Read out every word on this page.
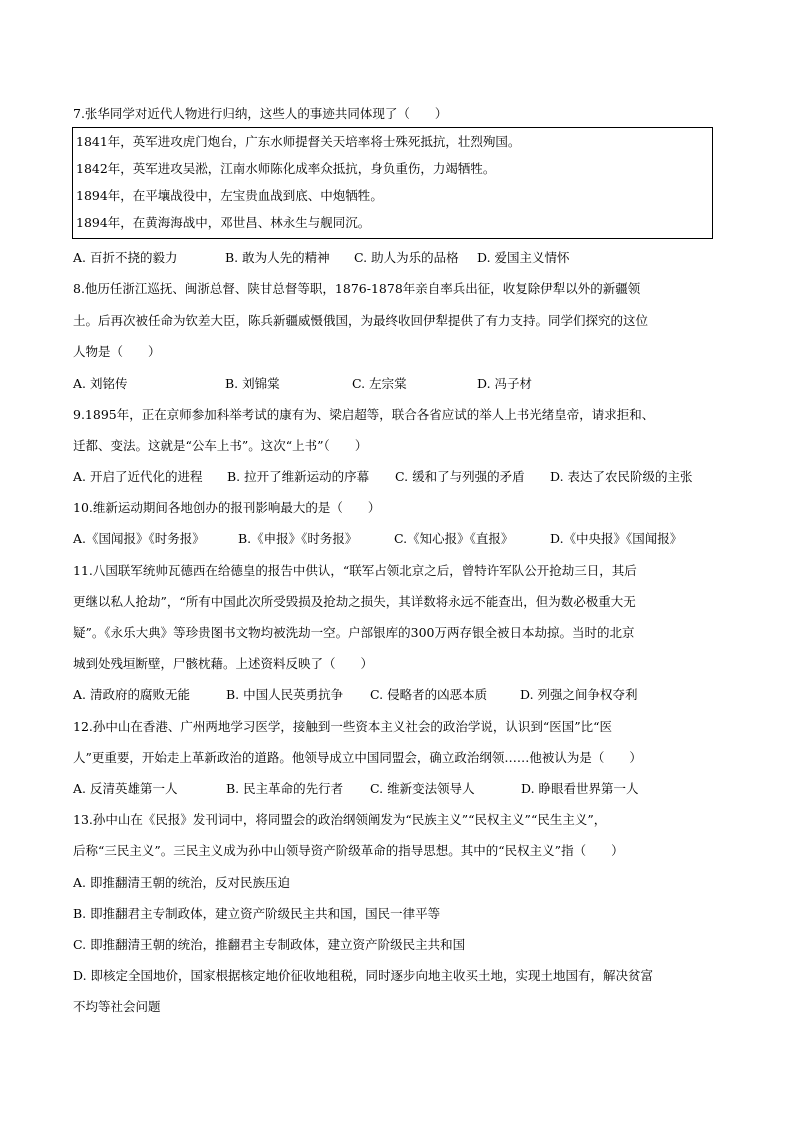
7.张华同学对近代人物进行归纳，这些人的事迹共同体现了（　　）
1841年，英军进攻虎门炮台，广东水师提督关天培率将士殊死抵抗，壮烈殉国。
1842年，英军进攻吴淞，江南水师陈化成率众抵抗，身负重伤，力竭牺牲。
1894年，在平壤战役中，左宝贵血战到底、中炮牺牲。
1894年，在黄海海战中，邓世昌、林永生与舰同沉。
A. 百折不挠的毅力	B. 敢为人先的精神 C. 助人为乐的品格 D. 爱国主义情怀
8.他历任浙江巡抚、闽浙总督、陕甘总督等职，1876-1878年亲自率兵出征，收复除伊犁以外的新疆领
土。后再次被任命为钦差大臣，陈兵新疆威慑俄国，为最终收回伊犁提供了有力支持。同学们探究的这位
人物是（　　）
A. 刘铭传	B. 刘锦棠	C. 左宗棠	D. 冯子材
9.1895年，正在京师参加科举考试的康有为、梁启超等，联合各省应试的举人上书光绪皇帝，请求拒和、
迁都、变法。这就是“公车上书”。这次“上书”（　　）
A. 开启了近代化的进程 B. 拉开了维新运动的序幕 C. 缓和了与列强的矛盾 D. 表达了农民阶级的主张
10.维新运动期间各地创办的报刊影响最大的是（　　）
A.《国闻报》《时务报》	B.《申报》《时务报》	C.《知心报》《直报》	D.《中央报》《国闻报》
11.八国联军统帅瓦德西在给德皇的报告中供认，“联军占领北京之后，曾特许军队公开抢劫三日，其后
更继以私人抢劫”，“所有中国此次所受毁损及抢劫之损失，其详数将永远不能查出，但为数必极重大无
疑”。《永乐大典》等珍贵图书文物均被洗劫一空。户部银库的300万两存银全被日本劫掠。当时的北京
城到处残垣断壁，尸骸枕藉。上述资料反映了（　　）
A. 清政府的腐败无能	B. 中国人民英勇抗争 C. 侵略者的凶恶本质	D. 列强之间争权夺利
12.孙中山在香港、广州两地学习医学，接触到一些资本主义社会的政治学说，认识到“医国”比“医
人”更重要，开始走上革新政治的道路。他领导成立中国同盟会，确立政治纲领……他被认为是（　　）
A. 反清英雄第一人	B. 民主革命的先行者 C. 维新变法领导人	D. 睁眼看世界第一人
13.孙中山在《民报》发刊词中，将同盟会的政治纲领阐发为“民族主义”“民权主义”“民生主义”，
后称“三民主义”。三民主义成为孙中山领导资产阶级革命的指导思想。其中的“民权主义”指（　　）
A. 即推翻清王朝的统治，反对民族压迫
B. 即推翻君主专制政体，建立资产阶级民主共和国，国民一律平等
C. 即推翻清王朝的统治，推翻君主专制政体，建立资产阶级民主共和国
D. 即核定全国地价，国家根据核定地价征收地租税，同时逐步向地主收买土地，实现土地国有，解决贫富
不均等社会问题
